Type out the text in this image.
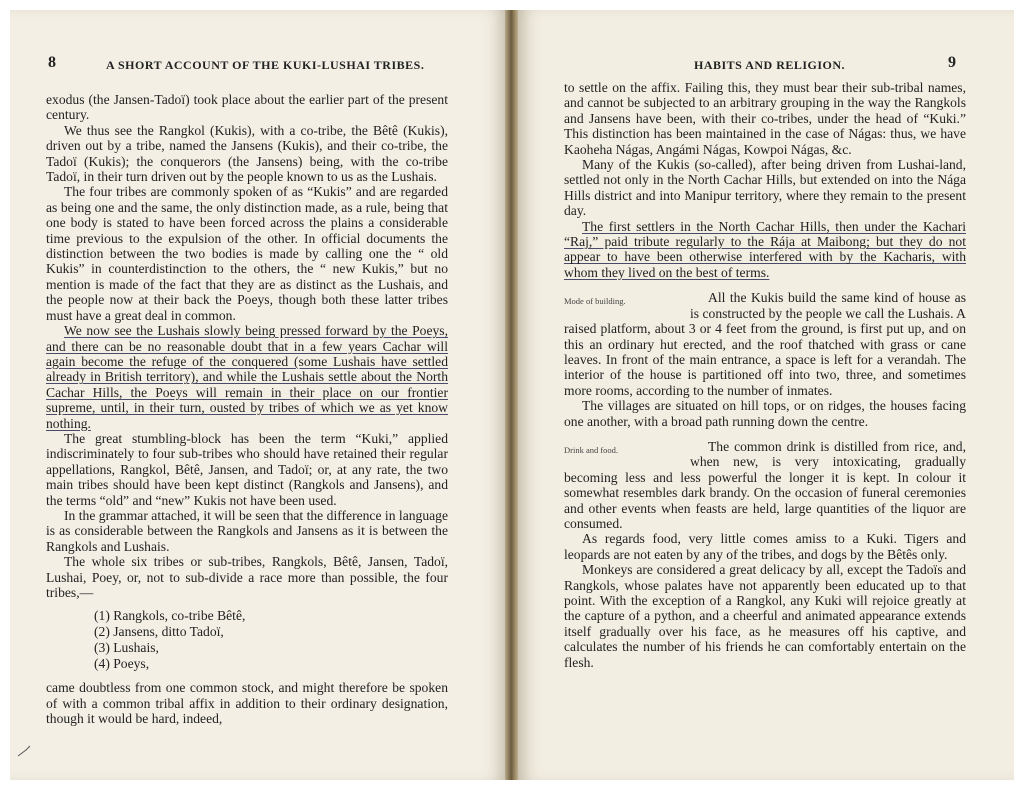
8	A SHORT ACCOUNT OF THE KUKI-LUSHAI TRIBES.

exodus (the Jansen-Tadoï) took place about the earlier part of the present century.

We thus see the Rangkol (Kukis), with a co-tribe, the Bêtê (Kukis), driven out by a tribe, named the Jansens (Kukis), and their co-tribe, the Tadoï (Kukis); the conquerors (the Jansens) being, with the co-tribe Tadoï, in their turn driven out by the people known to us as the Lushais.

The four tribes are commonly spoken of as “Kukis” and are regarded as being one and the same, the only distinction made, as a rule, being that one body is stated to have been forced across the plains a considerable time previous to the expulsion of the other. In official documents the distinction between the two bodies is made by calling one the “ old Kukis” in counterdistinction to the others, the “ new Kukis,” but no mention is made of the fact that they are as distinct as the Lushais, and the people now at their back the Poeys, though both these latter tribes must have a great deal in common.

We now see the Lushais slowly being pressed forward by the Poeys, and there can be no reasonable doubt that in a few years Cachar will again become the refuge of the conquered (some Lushais have settled already in British territory), and while the Lushais settle about the North Cachar Hills, the Poeys will remain in their place on our frontier supreme, until, in their turn, ousted by tribes of which we as yet know nothing.

The great stumbling-block has been the term “Kuki,” applied indiscriminately to four sub-tribes who should have retained their regular appellations, Rangkol, Bêtê, Jansen, and Tadoï; or, at any rate, the two main tribes should have been kept distinct (Rangkols and Jansens), and the terms “old” and “new” Kukis not have been used.

In the grammar attached, it will be seen that the difference in language is as considerable between the Rangkols and Jansens as it is between the Rangkols and Lushais.

The whole six tribes or sub-tribes, Rangkols, Bêtê, Jansen, Tadoï, Lushai, Poey, or, not to sub-divide a race more than possible, the four tribes,—

(1) Rangkols, co-tribe Bêtê,
(2) Jansens, ditto Tadoï,
(3) Lushais,
(4) Poeys,

came doubtless from one common stock, and might therefore be spoken of with a common tribal affix in addition to their ordinary designation, though it would be hard, indeed,

HABITS AND RELIGION.	9

to settle on the affix. Failing this, they must bear their sub-tribal names, and cannot be subjected to an arbitrary grouping in the way the Rangkols and Jansens have been, with their co-tribes, under the head of “Kuki.” This distinction has been maintained in the case of Nágas: thus, we have Kaoheha Nágas, Angámi Nágas, Kowpoi Nágas, &c.

Many of the Kukis (so-called), after being driven from Lushai-land, settled not only in the North Cachar Hills, but extended on into the Nága Hills district and into Manipur territory, where they remain to the present day.

The first settlers in the North Cachar Hills, then under the Kachari “Raj,” paid tribute regularly to the Rája at Maibong; but they do not appear to have been otherwise interfered with by the Kacharis, with whom they lived on the best of terms.

Mode of building.	All the Kukis build the same kind of house as is constructed by the people we call the Lushais. A raised platform, about 3 or 4 feet from the ground, is first put up, and on this an ordinary hut erected, and the roof thatched with grass or cane leaves. In front of the main entrance, a space is left for a verandah. The interior of the house is partitioned off into two, three, and sometimes more rooms, according to the number of inmates.

The villages are situated on hill tops, or on ridges, the houses facing one another, with a broad path running down the centre.

Drink and food.	The common drink is distilled from rice, and, when new, is very intoxicating, gradually becoming less and less powerful the longer it is kept. In colour it somewhat resembles dark brandy. On the occasion of funeral ceremonies and other events when feasts are held, large quantities of the liquor are consumed.

As regards food, very little comes amiss to a Kuki. Tigers and leopards are not eaten by any of the tribes, and dogs by the Bêtês only.

Monkeys are considered a great delicacy by all, except the Tadoïs and Rangkols, whose palates have not apparently been educated up to that point. With the exception of a Rangkol, any Kuki will rejoice greatly at the capture of a python, and a cheerful and animated appearance extends itself gradually over his face, as he measures off his captive, and calculates the number of his friends he can comfortably entertain on the flesh.
